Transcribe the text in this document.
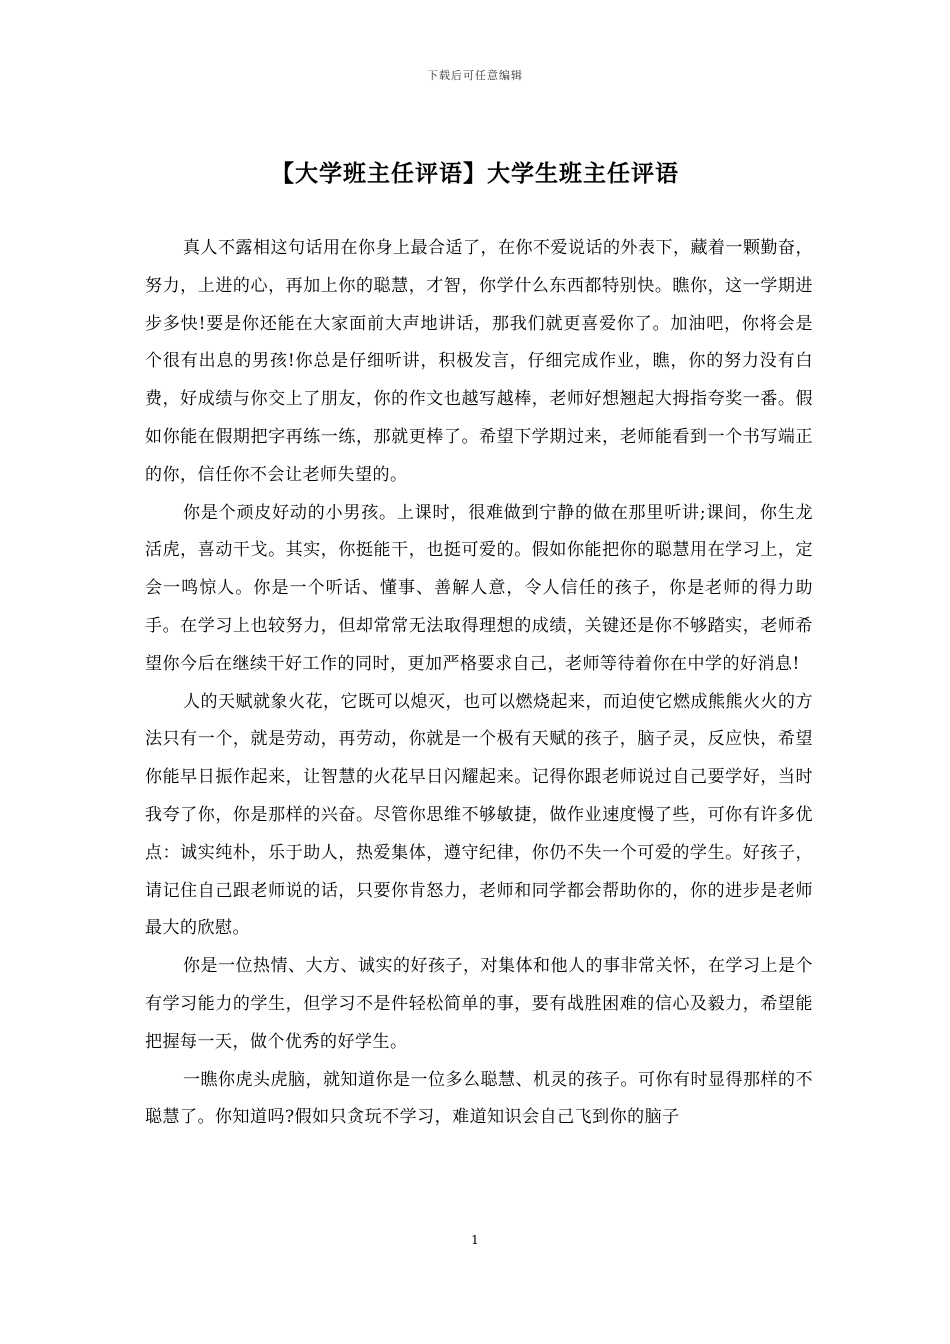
下载后可任意编辑
【大学班主任评语】大学生班主任评语

真人不露相这句话用在你身上最合适了，在你不爱说话的外表下，藏着一颗勤奋，努力，上进的心，再加上你的聪慧，才智，你学什么东西都特别快。瞧你，这一学期进步多快!要是你还能在大家面前大声地讲话，那我们就更喜爱你了。加油吧，你将会是个很有出息的男孩!你总是仔细听讲，积极发言，仔细完成作业，瞧，你的努力没有白费，好成绩与你交上了朋友，你的作文也越写越棒，老师好想翘起大拇指夸奖一番。假如你能在假期把字再练一练，那就更棒了。希望下学期过来，老师能看到一个书写端正的你，信任你不会让老师失望的。

你是个顽皮好动的小男孩。上课时，很难做到宁静的做在那里听讲;课间，你生龙活虎，喜动干戈。其实，你挺能干，也挺可爱的。假如你能把你的聪慧用在学习上，定会一鸣惊人。你是一个听话、懂事、善解人意，令人信任的孩子，你是老师的得力助手。在学习上也较努力，但却常常无法取得理想的成绩，关键还是你不够踏实，老师希望你今后在继续干好工作的同时，更加严格要求自己，老师等待着你在中学的好消息!

人的天赋就象火花，它既可以熄灭，也可以燃烧起来，而迫使它燃成熊熊火火的方法只有一个，就是劳动，再劳动，你就是一个极有天赋的孩子，脑子灵，反应快，希望你能早日振作起来，让智慧的火花早日闪耀起来。记得你跟老师说过自己要学好，当时我夸了你，你是那样的兴奋。尽管你思维不够敏捷，做作业速度慢了些，可你有许多优点：诚实纯朴，乐于助人，热爱集体，遵守纪律，你仍不失一个可爱的学生。好孩子，请记住自己跟老师说的话，只要你肯怒力，老师和同学都会帮助你的，你的进步是老师最大的欣慰。

你是一位热情、大方、诚实的好孩子，对集体和他人的事非常关怀，在学习上是个有学习能力的学生，但学习不是件轻松简单的事，要有战胜困难的信心及毅力，希望能把握每一天，做个优秀的好学生。

一瞧你虎头虎脑，就知道你是一位多么聪慧、机灵的孩子。可你有时显得那样的不聪慧了。你知道吗?假如只贪玩不学习，难道知识会自己飞到你的脑子

1
